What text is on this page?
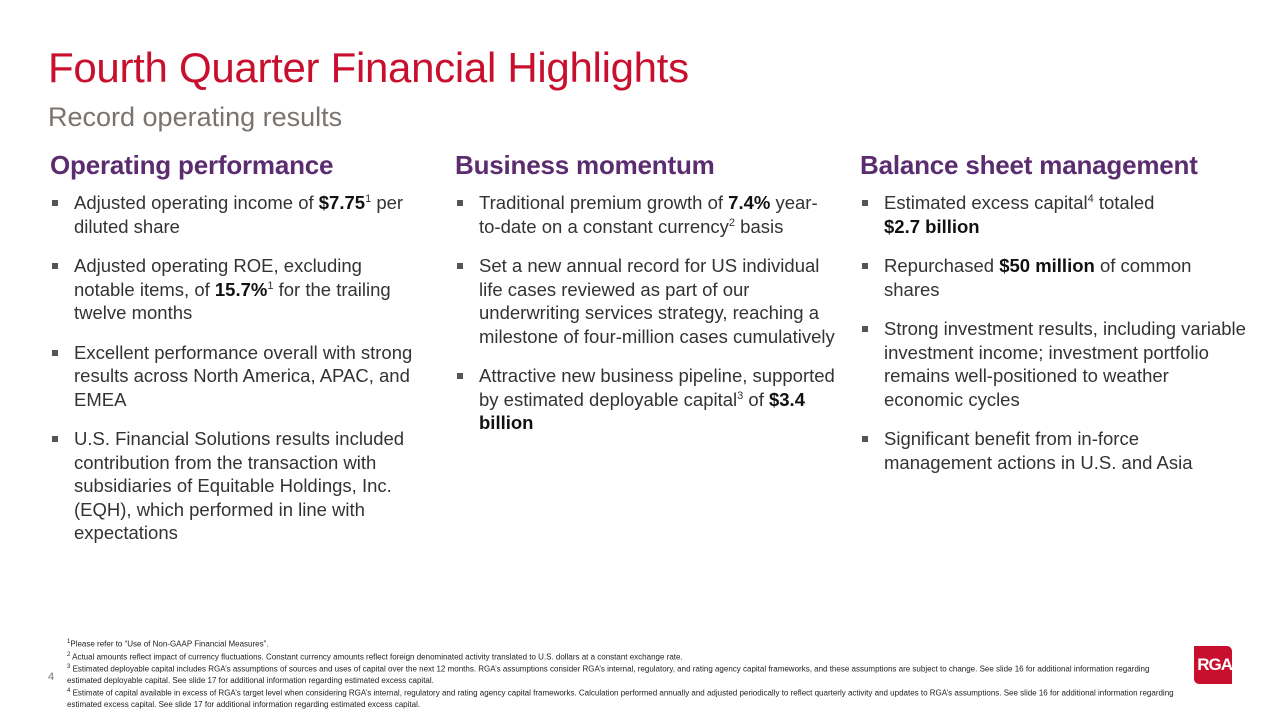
Fourth Quarter Financial Highlights
Record operating results
Operating performance
Adjusted operating income of $7.75$^1$ per diluted share
Adjusted operating ROE, excluding notable items, of 15.7%$^1$ for the trailing twelve months
Excellent performance overall with strong results across North America, APAC, and EMEA
U.S. Financial Solutions results included contribution from the transaction with subsidiaries of Equitable Holdings, Inc. (EQH), which performed in line with expectations
Business momentum
Traditional premium growth of 7.4% year-to-date on a constant currency$^2$ basis
Set a new annual record for US individual life cases reviewed as part of our underwriting services strategy, reaching a milestone of four-million cases cumulatively
Attractive new business pipeline, supported by estimated deployable capital$^3$ of $3.4 billion
Balance sheet management
Estimated excess capital$^4$ totaled
$2.7 billion
Repurchased $50 million of common shares
Strong investment results, including variable investment income; investment portfolio remains well-positioned to weather economic cycles
Significant benefit from in-force management actions in U.S. and Asia

$^1$Please refer to “Use of Non-GAAP Financial Measures”.

$^2$ Actual amounts reflect impact of currency fluctuations. Constant currency amounts reflect foreign denominated activity translated to U.S. dollars at a constant exchange rate.

$^3$ Estimated deployable capital includes RGA’s assumptions of sources and uses of capital over the next 12 months. RGA’s assumptions consider RGA’s internal, regulatory, and rating agency capital frameworks, and these assumptions are subject to change. See slide 16 for additional information regarding estimated deployable capital. See slide 17 for additional information regarding estimated excess capital.

$^4$ Estimate of capital available in excess of RGA’s target level when considering RGA’s internal, regulatory and rating agency capital frameworks. Calculation performed annually and adjusted periodically to reflect quarterly activity and updates to RGA’s assumptions. See slide 16 for additional information regarding estimated excess capital. See slide 17 for additional information regarding estimated excess capital.

4
RGA
